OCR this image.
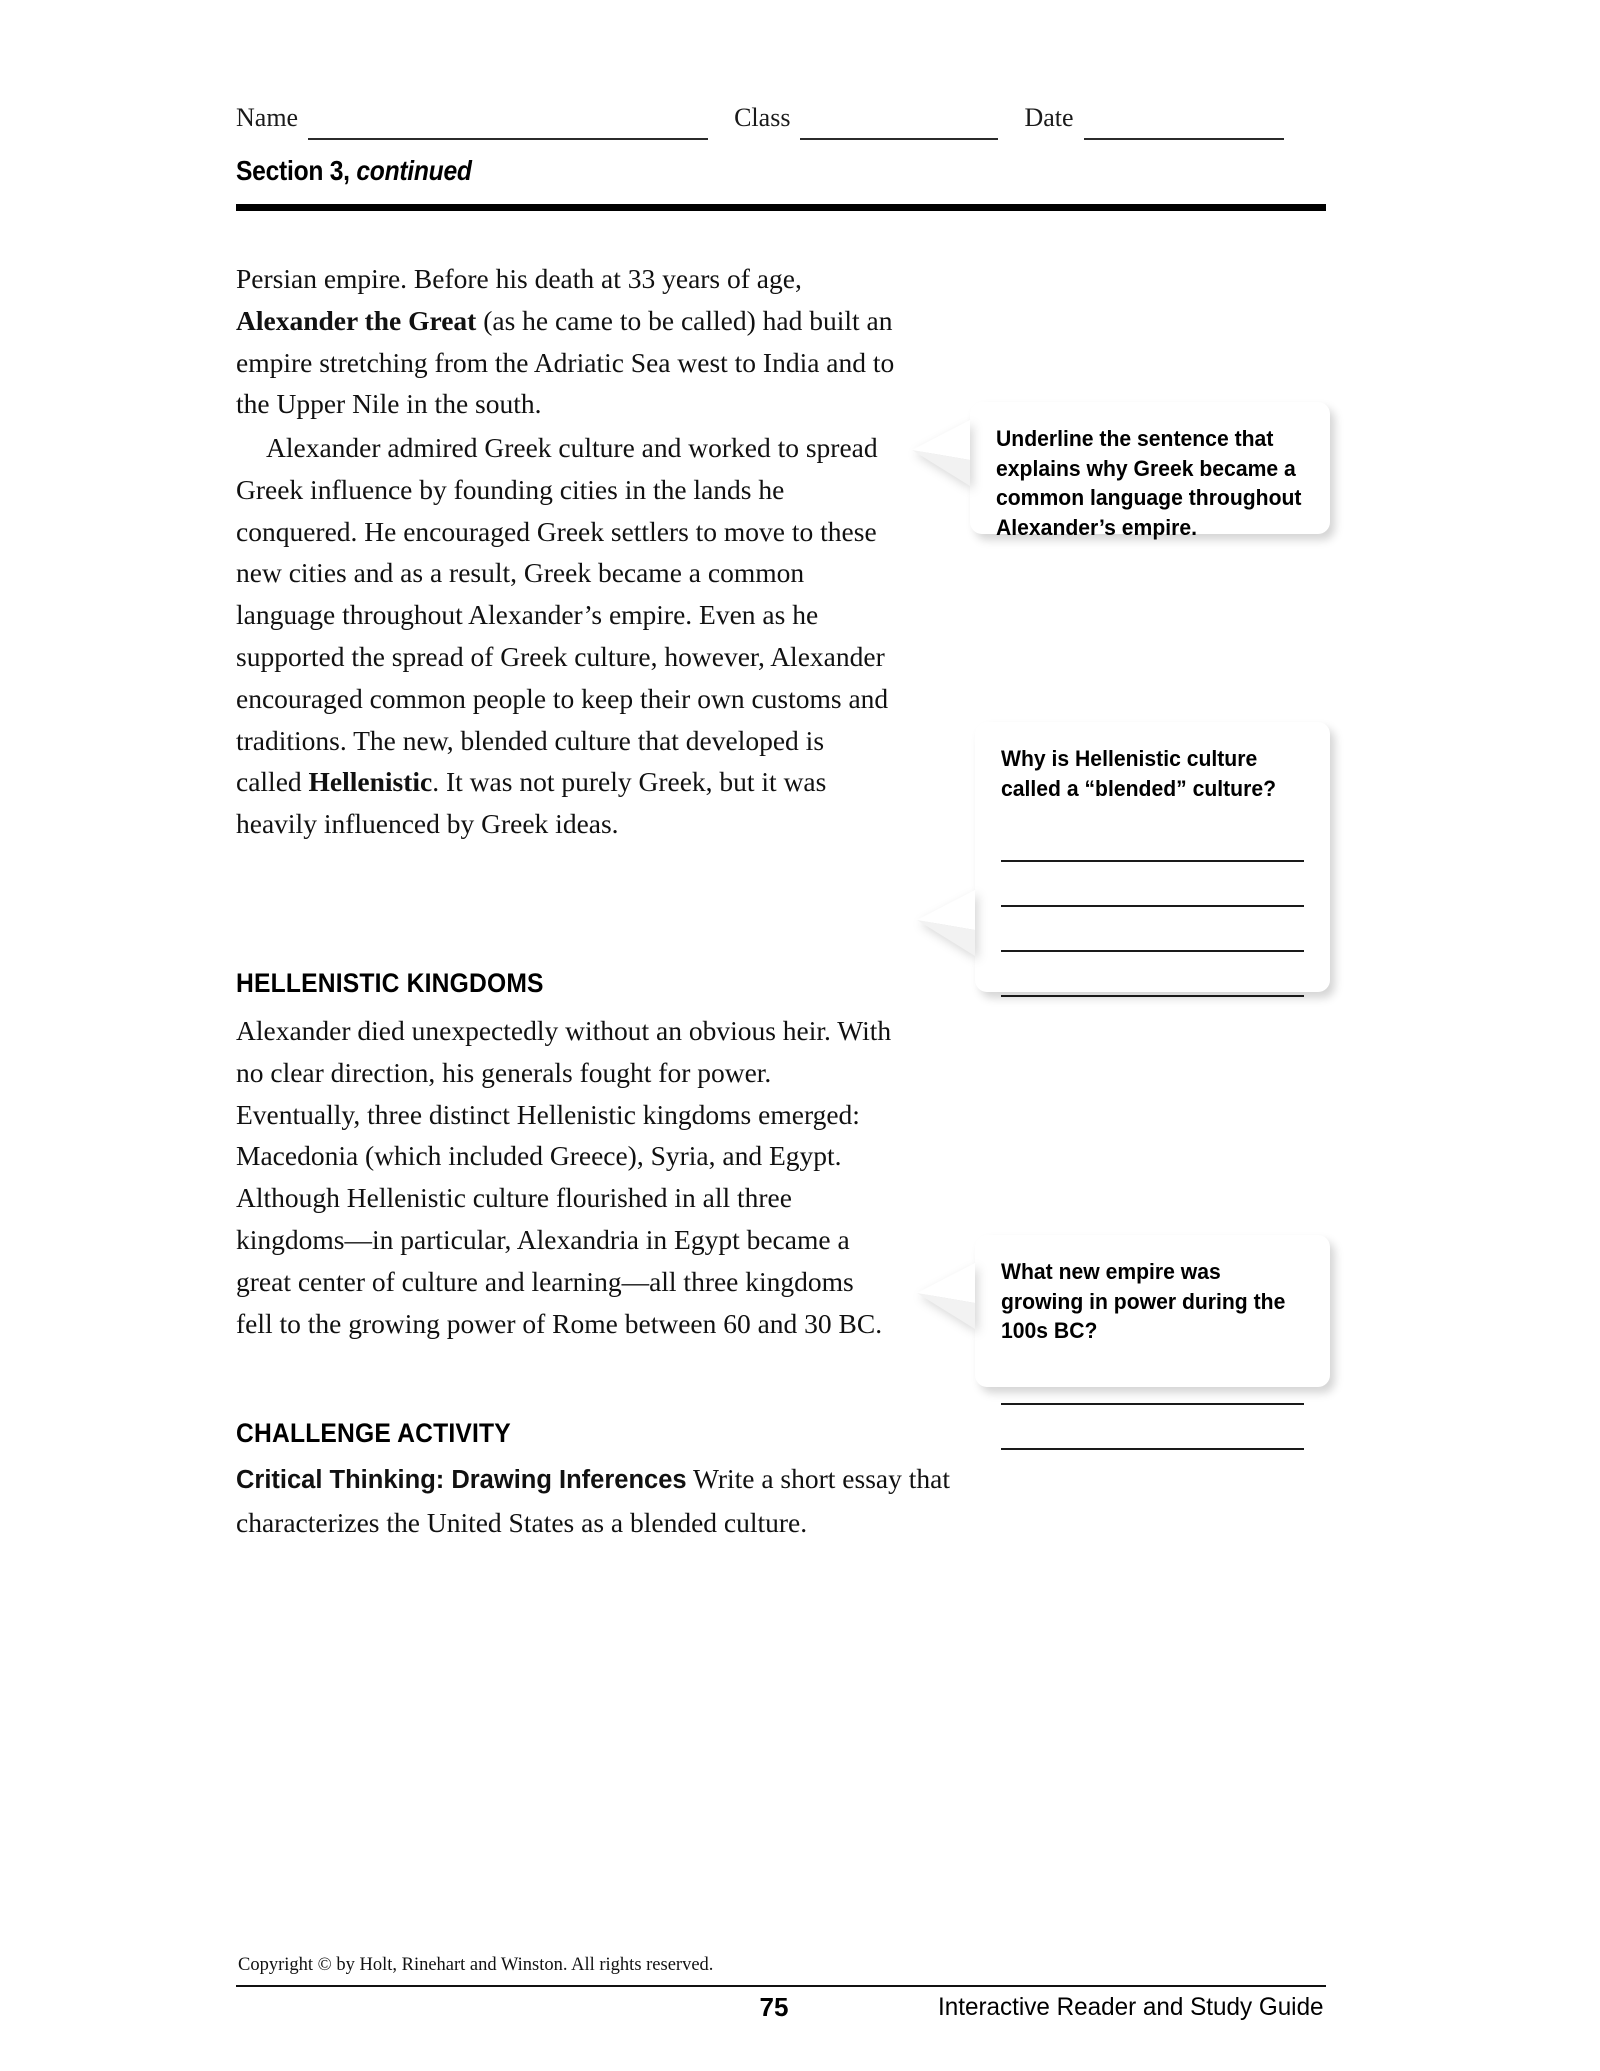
Name	Class	Date
Section 3, continued

Persian empire. Before his death at 33 years of age, Alexander the Great (as he came to be called) had built an empire stretching from the Adriatic Sea west to India and to the Upper Nile in the south.

Alexander admired Greek culture and worked to spread Greek influence by founding cities in the lands he conquered. He encouraged Greek settlers to move to these new cities and as a result, Greek became a common language throughout Alexander’s empire. Even as he supported the spread of Greek culture, however, Alexander encouraged common people to keep their own customs and traditions. The new, blended culture that developed is called Hellenistic. It was not purely Greek, but it was heavily influenced by Greek ideas.

HELLENISTIC KINGDOMS

Alexander died unexpectedly without an obvious heir. With no clear direction, his generals fought for power. Eventually, three distinct Hellenistic kingdoms emerged: Macedonia (which included Greece), Syria, and Egypt. Although Hellenistic culture flourished in all three kingdoms—in particular, Alexandria in Egypt became a great center of culture and learning—all three kingdoms fell to the growing power of Rome between 60 and 30 BC.

CHALLENGE ACTIVITY
Critical Thinking: Drawing Inferences Write a short essay that characterizes the United States as a blended culture.
Underline the sentence that explains why Greek became a common language throughout Alexander’s empire.
Why is Hellenistic culture called a “blended” culture?
What new empire was growing in power during the 100s BC?
Copyright © by Holt, Rinehart and Winston. All rights reserved.
75	Interactive Reader and Study Guide
